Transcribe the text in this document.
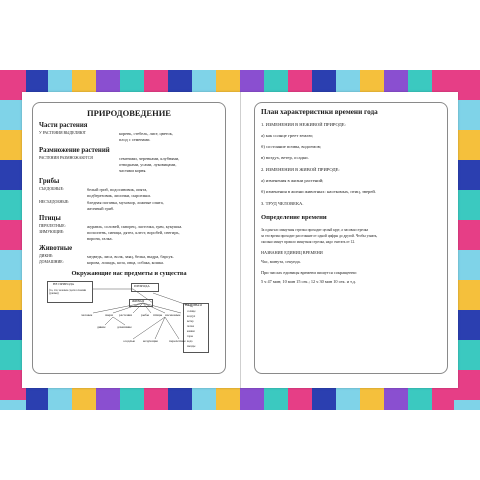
ПРИРОДОВЕДЕНИЕ
Части растения
У РАСТЕНИЯ ВЫДЕЛЯЮТ	корень, стебель, лист, цветок,
плод с семенами.
Размножение растений
РАСТЕНИЯ РАЗМНОЖАЮТСЯ	семенами, черенками, клубнями,
отводками, усами, луковицами,
частями корня.
Грибы
СЪЕДОБНЫЕ:	белый гриб, подосиновик, опята,
подберезовик, лисички, сыроежки.
НЕСЪЕДОБНЫЕ:	бледная поганка, мухомор, ложные опята,
желчный гриб.
Птицы
ПЕРЕЛЕТНЫЕ:	журавль, соловей, скворец, ласточка, грач, кукушка.
ЗИМУЮЩИЕ:	поползень, синица, дятел, клест, воробей, снегирь,
ворона, галка.
Животные
ДИКИЕ:	медведь, лиса, волк, заяц, белка, выдра, барсук.
ДОМАШНИЕ:	корова, лошадь, коза, овца, собака, кошка.
Окружающие нас предметы и существа
НЕ ПРИРОДА
(то, что человек сделал своими руками)
ПРИРОДА
ЖИВАЯ
НЕЖИВАЯ
солнце
воздух
ветер
почва
камни
горы
вода
звезды
человек	звери растения	рыбы птицы насекомые
дикие	домашние
оседлые кочующие	перелетные
План характеристики времени года
1. ИЗМЕНЕНИЯ В НЕЖИВОЙ ПРИРОДЕ:
а) как солнце греет землю;
б) состояние почвы, водоемов;
в) воздух, ветер, осадки.
2. ИЗМЕНЕНИЯ В ЖИВОЙ ПРИРОДЕ:
а) изменения в жизни растений;
б) изменения в жизни животных: насекомых, птиц, зверей.
3. ТРУД ЧЕЛОВЕКА.
Определение времени
За один час минутная стрелка проходит целый круг, а часовая стрелка
за это время проходит расстояние от одной цифры до другой. Чтобы узнать,
сколько минут прошло минутная стрелка, надо считать от 12.
НАЗВАНИЕ ЕДИНИЦ ВРЕМЕНИ
Час, минута, секунда.
При числах единицы времени пишутся сокращенно:
5 ч 47 мин; 10 мин 15 сек.; 12 ч 30 мин 10 сек. и т.д.
